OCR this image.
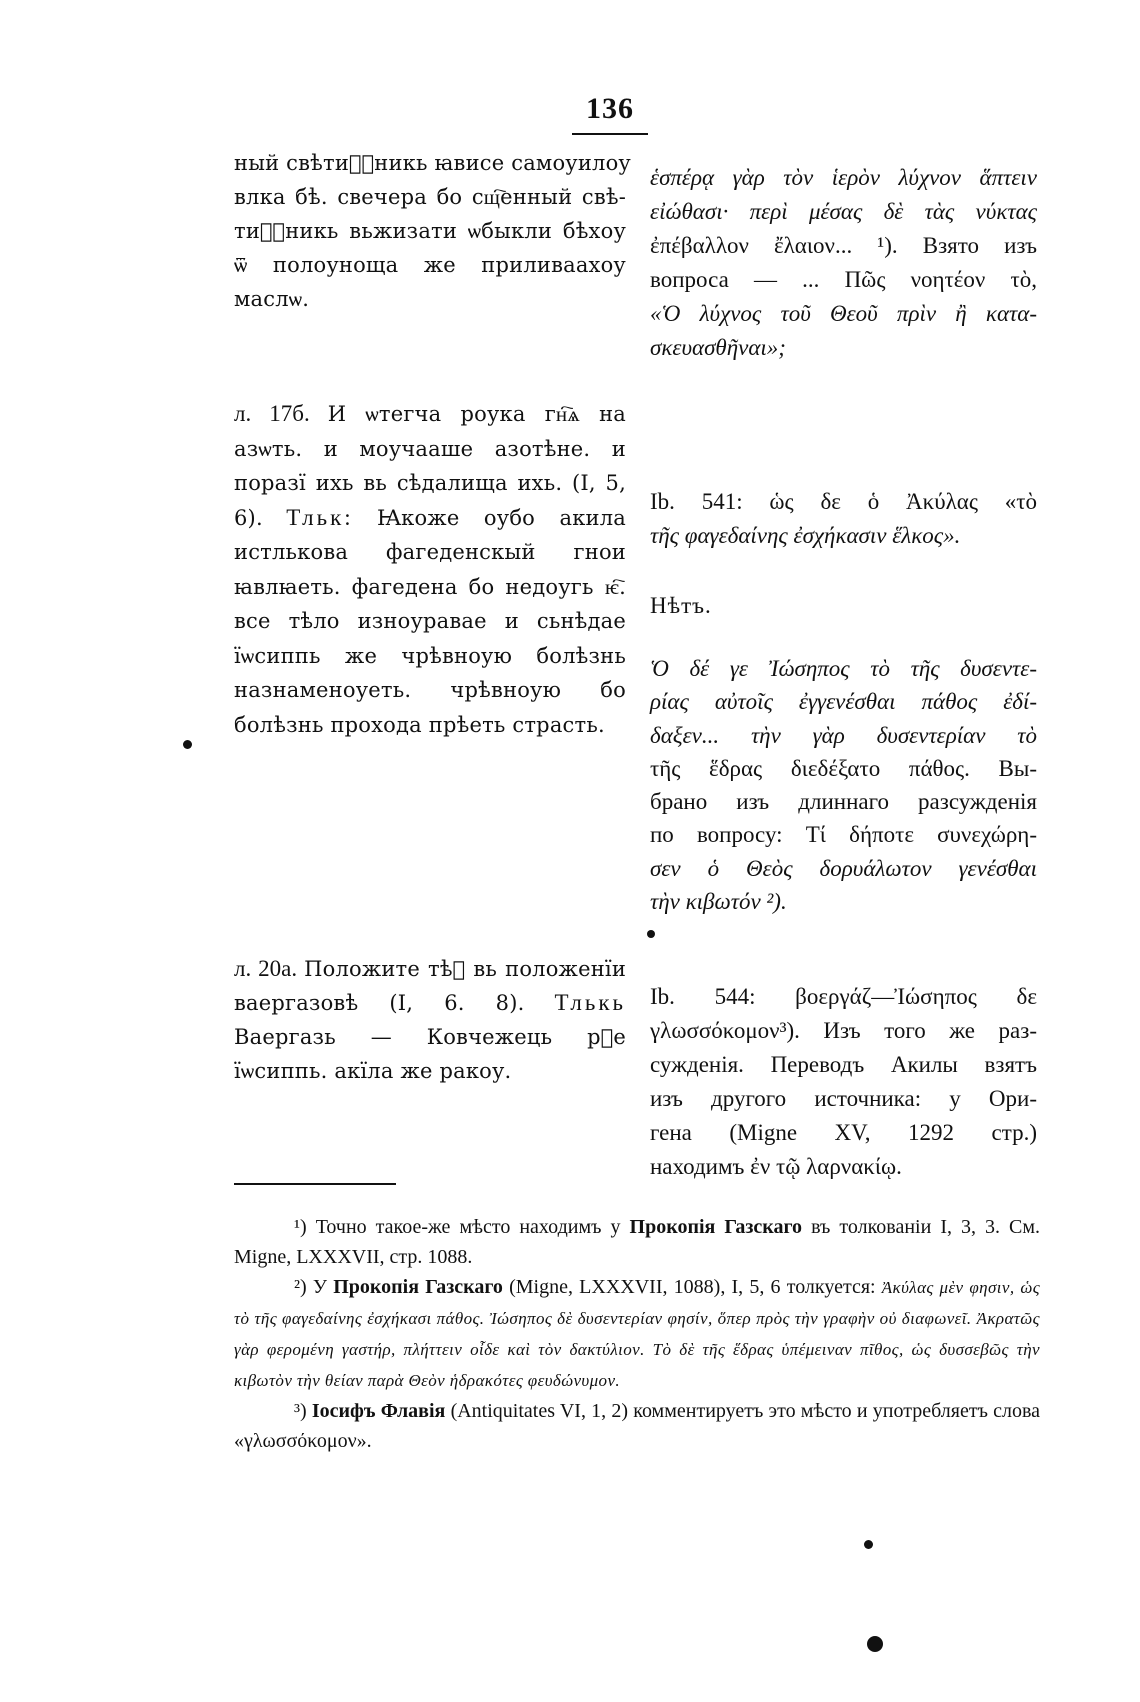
136
ный свѣтиⷧ҇никь ꙗвисе самоуилоу
влка бѣ. свечера бо сщ҇енный свѣ-
тиⷧ҇никь вьжизати ѡбыкли бѣхоу
ѿ полоуноща же приливаахоу
маслѡ.
л. 17б. И ѡтегча роука гн҇ѧ на азѡть. и моучааше азотѣне. и поразї ихь вь сѣдалища ихь. (I, 5, 6). Тльк: Ꙗкоже оубо акила истлькова фагеденскый гнои ꙗвлꙗеть. фагедена бо недоугь ѥ҇. все тѣло изноуравае и сьнѣдае ïѡсиппь же чрѣвноую болѣзнь назнаменоуеть. чрѣвноую бо болѣзнь прохода прѣеть страсть.
л. 20а. Положите тѣⷯ вь положенїи ваергазовѣ (I, 6. 8). Тлькь Ваергазь — Ковчежець рⷱе ïѡсиппь. акїла же ракоу.
ἑσπέρᾳ γὰρ τὸν ἱερὸν λύχνον ἅπτειν
εἰώθασι· περὶ μέσας δὲ τὰς νύκτας
ἐπέβαλλον ἔλαιον... ¹). Взято изъ
вопроса — ... Πῶς νοητέον τὸ,
«Ὁ λύχνος τοῦ Θεοῦ πρὶν ἢ κατα-
σκευασθῆναι»;
Ib. 541: ὡς δε ὁ Ἀκύλας «τὸ
τῆς φαγεδαίνης ἐσχήκασιν ἕλκος».
Нѣтъ.
Ὁ δέ γε Ἰώσηπος τὸ τῆς δυσεντε-
ρίας αὐτοῖς ἐγγενέσθαι πάθος ἐδί-
δαξεν... τὴν γὰρ δυσεντερίαν τὸ
τῆς ἕδρας διεδέξατο πάθος. Вы-
брано изъ длиннаго разсужденія
по вопросу: Τί δήποτε συνεχώρη-
σεν ὁ Θεὸς δορυάλωτον γενέσθαι
τὴν κιβωτόν ²).
Ib. 544: βοεργάζ—Ἰώσηπος δε
γλωσσόκομον³). Изъ того же раз-
сужденія. Переводъ Акилы взятъ
изъ другого источника: у Ори-
гена (Migne XV, 1292 стр.)
находимъ ἐν τῷ λαρνακίῳ.

¹) Точно такое-же мѣсто находимъ у Прокопія Газскаго въ толкованіи I, 3, 3. См. Migne, LXXXVII, стр. 1088.

²) У Прокопія Газскаго (Migne, LXXXVII, 1088), I, 5, 6 толкуется: Ἀκύλας μὲν φησιν, ὡς τὸ τῆς φαγεδαίνης ἐσχήκασι πάθος. Ἰώσηπος δὲ δυσεντερίαν φησίν, ὅπερ πρὸς τὴν γραφὴν οὐ διαφωνεῖ. Ἀκρατῶς γὰρ φερομένη γαστήρ, πλήττειν οἶδε καὶ τὸν δακτύλιον. Τὸ δὲ τῆς ἕδρας ὑπέμειναν πῖθος, ὡς δυσσεβῶς τὴν κιβωτὸν τὴν θείαν παρὰ Θεὸν ἡδρακότες φευδώνυμον.

³) Іосифъ Флавія (Antiquitates VI, 1, 2) комментируетъ это мѣсто и употребляетъ слова «γλωσσόκομον».
